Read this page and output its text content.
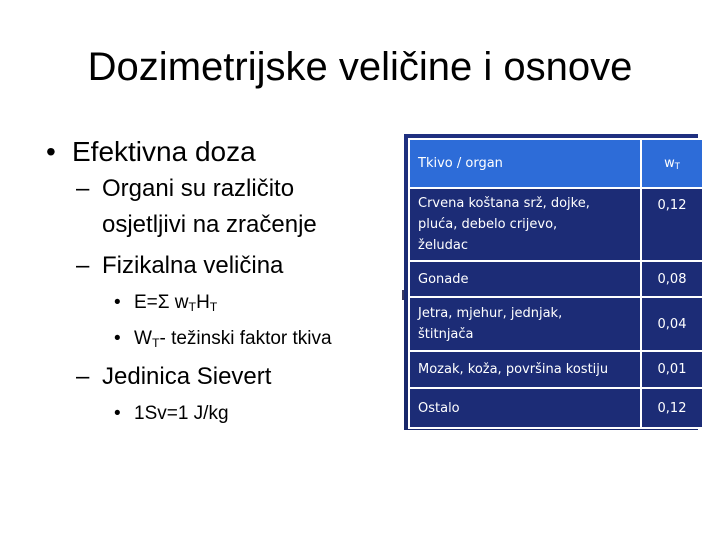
Dozimetrijske veličine i osnove
• Efektivna doza
– Organi su različito
osjetljivi na zračenje
– Fizikalna veličina
• E=Σ $w_TH_T$
• $W_T-$ težinski faktor tkiva
– Jedinica Sievert
• 1Sv=1 J/kg
Tkivo / organ	$w_T$

Crvena koštana srž, dojke,
pluća, debelo crijevo,
želudac	0,12
Gonade	0,08

Jetra, mjehur, jednjak,
štitnjača	0,04
Mozak, koža, površina kostiju	0,01
Ostalo	0,12
